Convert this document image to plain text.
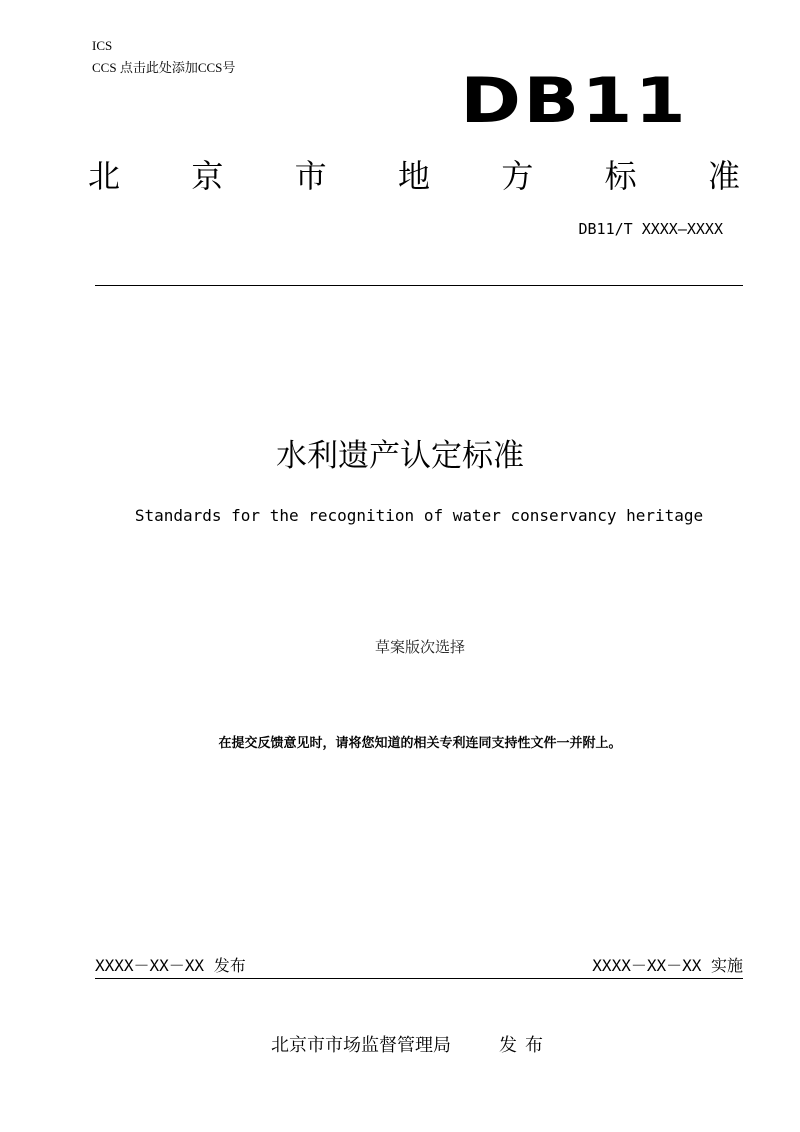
ICS
CCS 点击此处添加CCS号	DB11
北 京 市 地 方 标 准
DB11/T XXXX—XXXX
水利遗产认定标准
Standards for the recognition of water conservancy heritage
草案版次选择
在提交反馈意见时，请将您知道的相关专利连同支持性文件一并附上。
XXXX－XX－XX 发布	XXXX－XX－XX 实施
北京市市场监督管理局	发布
